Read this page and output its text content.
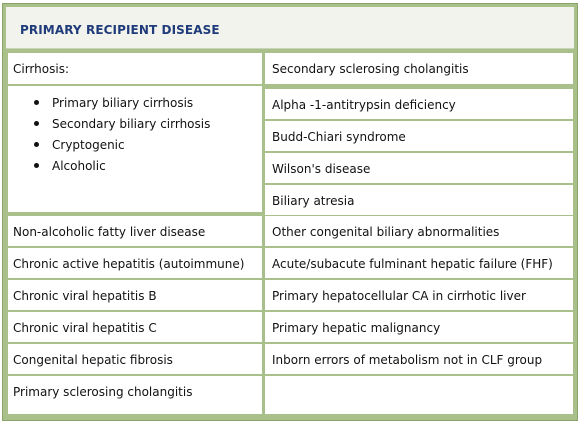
PRIMARY RECIPIENT DISEASE
Cirrhosis:
Primary biliary cirrhosis
Secondary biliary cirrhosis
Cryptogenic
Alcoholic
Non-alcoholic fatty liver disease
Chronic active hepatitis (autoimmune)
Chronic viral hepatitis B
Chronic viral hepatitis C
Congenital hepatic fibrosis
Primary sclerosing cholangitis
Secondary sclerosing cholangitis
Alpha -1-antitrypsin deficiency
Budd-Chiari syndrome
Wilson's disease
Biliary atresia
Other congenital biliary abnormalities
Acute/subacute fulminant hepatic failure (FHF)
Primary hepatocellular CA in cirrhotic liver
Primary hepatic malignancy
Inborn errors of metabolism not in CLF group
